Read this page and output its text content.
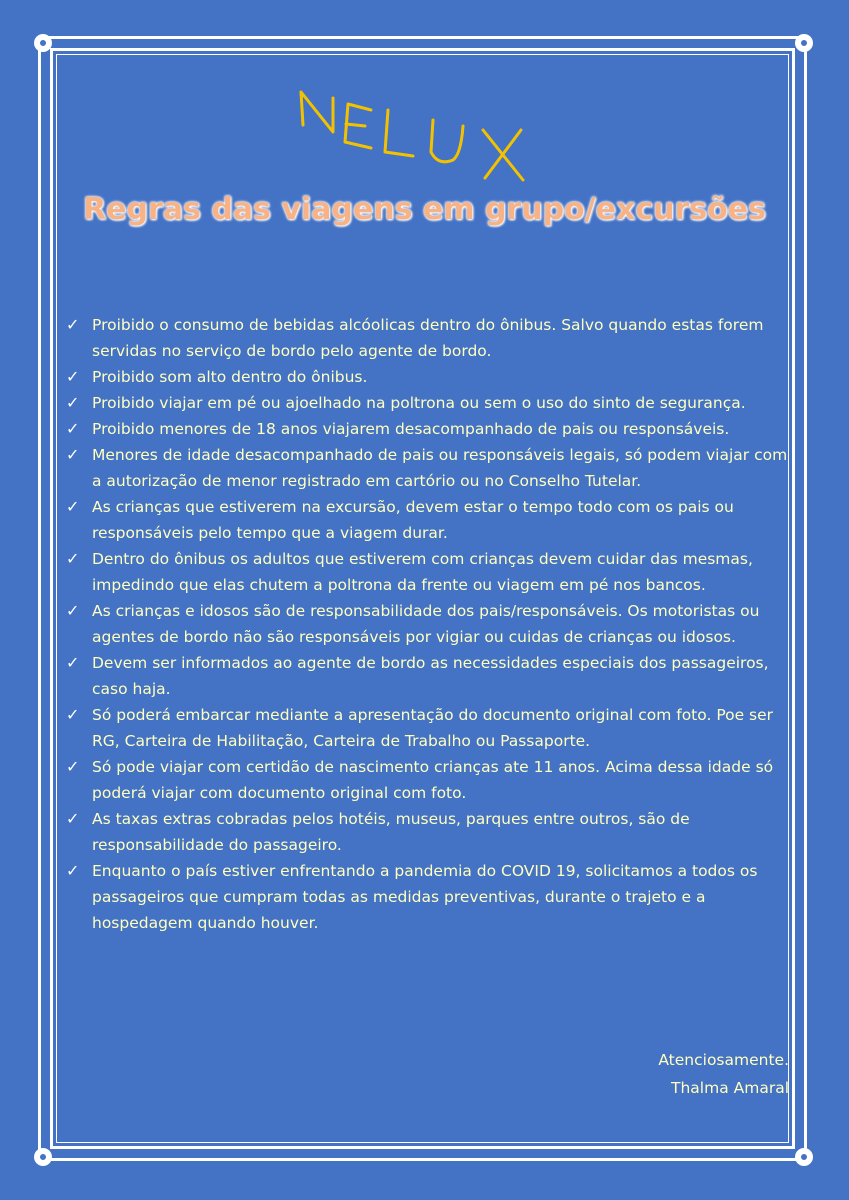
Regras das viagens em grupo/excursões
✓ Proibido o consumo de bebidas alcóolicas dentro do ônibus. Salvo quando estas forem servidas no serviço de bordo pelo agente de bordo.
✓ Proibido som alto dentro do ônibus.
✓ Proibido viajar em pé ou ajoelhado na poltrona ou sem o uso do sinto de segurança.
✓ Proibido menores de 18 anos viajarem desacompanhado de pais ou responsáveis.
✓ Menores de idade desacompanhado de pais ou responsáveis legais, só podem viajar com a autorização de menor registrado em cartório ou no Conselho Tutelar.
✓ As crianças que estiverem na excursão, devem estar o tempo todo com os pais ou responsáveis pelo tempo que a viagem durar.
✓ Dentro do ônibus os adultos que estiverem com crianças devem cuidar das mesmas, impedindo que elas chutem a poltrona da frente ou viagem em pé nos bancos.
✓ As crianças e idosos são de responsabilidade dos pais/responsáveis. Os motoristas ou agentes de bordo não são responsáveis por vigiar ou cuidas de crianças ou idosos.
✓ Devem ser informados ao agente de bordo as necessidades especiais dos passageiros, caso haja.
✓ Só poderá embarcar mediante a apresentação do documento original com foto. Poe ser RG, Carteira de Habilitação, Carteira de Trabalho ou Passaporte.
✓ Só pode viajar com certidão de nascimento crianças ate 11 anos. Acima dessa idade só poderá viajar com documento original com foto.
✓ As taxas extras cobradas pelos hotéis, museus, parques entre outros, são de responsabilidade do passageiro.
✓ Enquanto o país estiver enfrentando a pandemia do COVID 19, solicitamos a todos os passageiros que cumpram todas as medidas preventivas, durante o trajeto e a hospedagem quando houver.
Atenciosamente.
Thalma Amaral
